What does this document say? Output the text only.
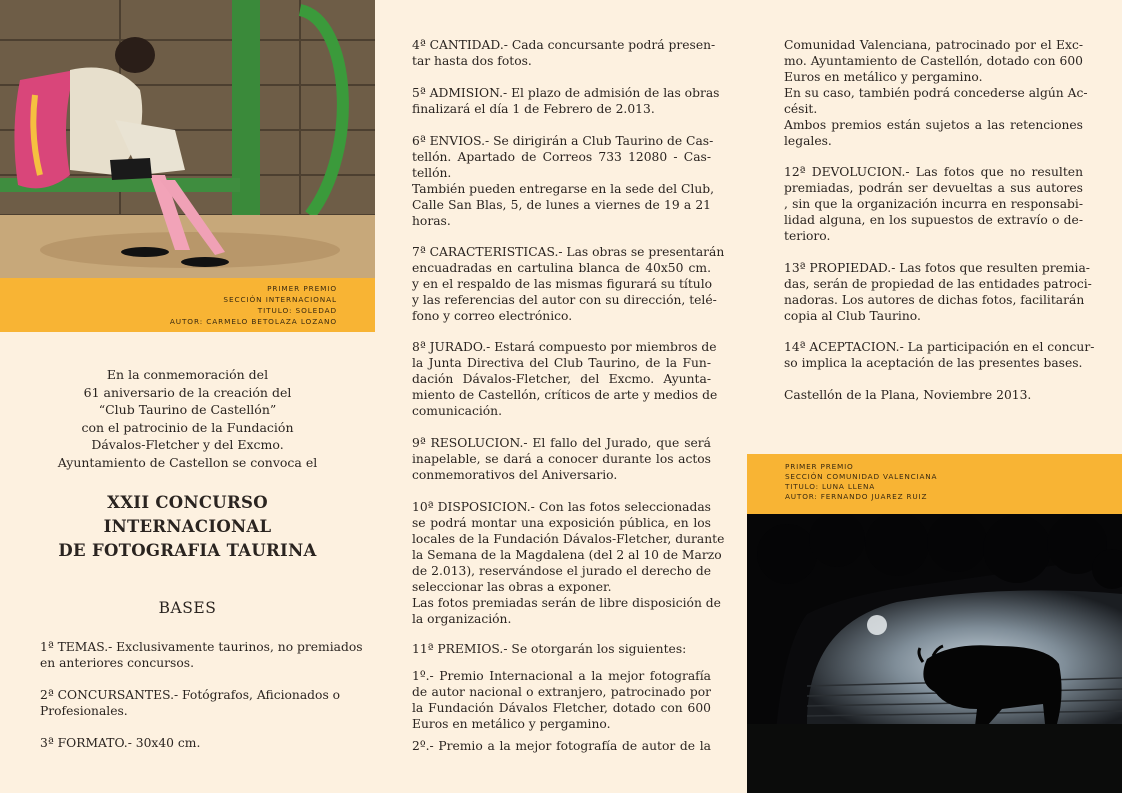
PRIMER PREMIO
SECCIÓN INTERNACIONAL
TITULO: SOLEDAD
AUTOR: CARMELO BETOLAZA LOZANO
En la conmemoración del
61 aniversario de la creación del
“Club Taurino de Castellón”
con el patrocinio de la Fundación
Dávalos-Fletcher y del Excmo.
Ayuntamiento de Castellon se convoca el
XXII CONCURSO
INTERNACIONAL
DE FOTOGRAFIA TAURINA
BASES
1ª TEMAS.- Exclusivamente taurinos, no premiados
en anteriores concursos.
2ª CONCURSANTES.- Fotógrafos, Aficionados o
Profesionales.
3ª FORMATO.- 30x40 cm.
4ª CANTIDAD.- Cada concursante podrá presen-
tar hasta dos fotos.
5ª ADMISION.- El plazo de admisión de las obras
finalizará el día 1 de Febrero de 2.013.
6ª ENVIOS.- Se dirigirán a Club Taurino de Cas-
tellón. Apartado de Correos 733 12080 - Cas-
tellón.
También pueden entregarse en la sede del Club,
Calle San Blas, 5, de lunes a viernes de 19 a 21
horas.
7ª CARACTERISTICAS.- Las obras se presentarán
encuadradas en cartulina blanca de 40x50 cm.
y en el respaldo de las mismas figurará su título
y las referencias del autor con su dirección, telé-
fono y correo electrónico.
8ª JURADO.- Estará compuesto por miembros de
la Junta Directiva del Club Taurino, de la Fun-
dación Dávalos-Fletcher, del Excmo. Ayunta-
miento de Castellón, críticos de arte y medios de
comunicación.
9ª RESOLUCION.- El fallo del Jurado, que será
inapelable, se dará a conocer durante los actos
conmemorativos del Aniversario.
10ª DISPOSICION.- Con las fotos seleccionadas
se podrá montar una exposición pública, en los
locales de la Fundación Dávalos-Fletcher, durante
la Semana de la Magdalena (del 2 al 10 de Marzo
de 2.013), reservándose el jurado el derecho de
seleccionar las obras a exponer.
Las fotos premiadas serán de libre disposición de
la organización.
11ª PREMIOS.- Se otorgarán los siguientes:
1º.- Premio Internacional a la mejor fotografía
de autor nacional o extranjero, patrocinado por
la Fundación Dávalos Fletcher, dotado con 600
Euros en metálico y pergamino.
2º.- Premio a la mejor fotografía de autor de la
PRIMER PREMIO
SECCIÓN COMUNIDAD VALENCIANA
TITULO: LUNA LLENA
AUTOR: FERNANDO JUAREZ RUIZ
Comunidad Valenciana, patrocinado por el Exc-
mo. Ayuntamiento de Castellón, dotado con 600
Euros en metálico y pergamino.
En su caso, también podrá concederse algún Ac-
césit.
Ambos premios están sujetos a las retenciones
legales.
12ª DEVOLUCION.- Las fotos que no resulten
premiadas, podrán ser devueltas a sus autores
, sin que la organización incurra en responsabi-
lidad alguna, en los supuestos de extravío o de-
terioro.
13ª PROPIEDAD.- Las fotos que resulten premia-
das, serán de propiedad de las entidades patroci-
nadoras. Los autores de dichas fotos, facilitarán
copia al Club Taurino.
14ª ACEPTACION.- La participación en el concur-
so implica la aceptación de las presentes bases.
Castellón de la Plana, Noviembre 2013.
